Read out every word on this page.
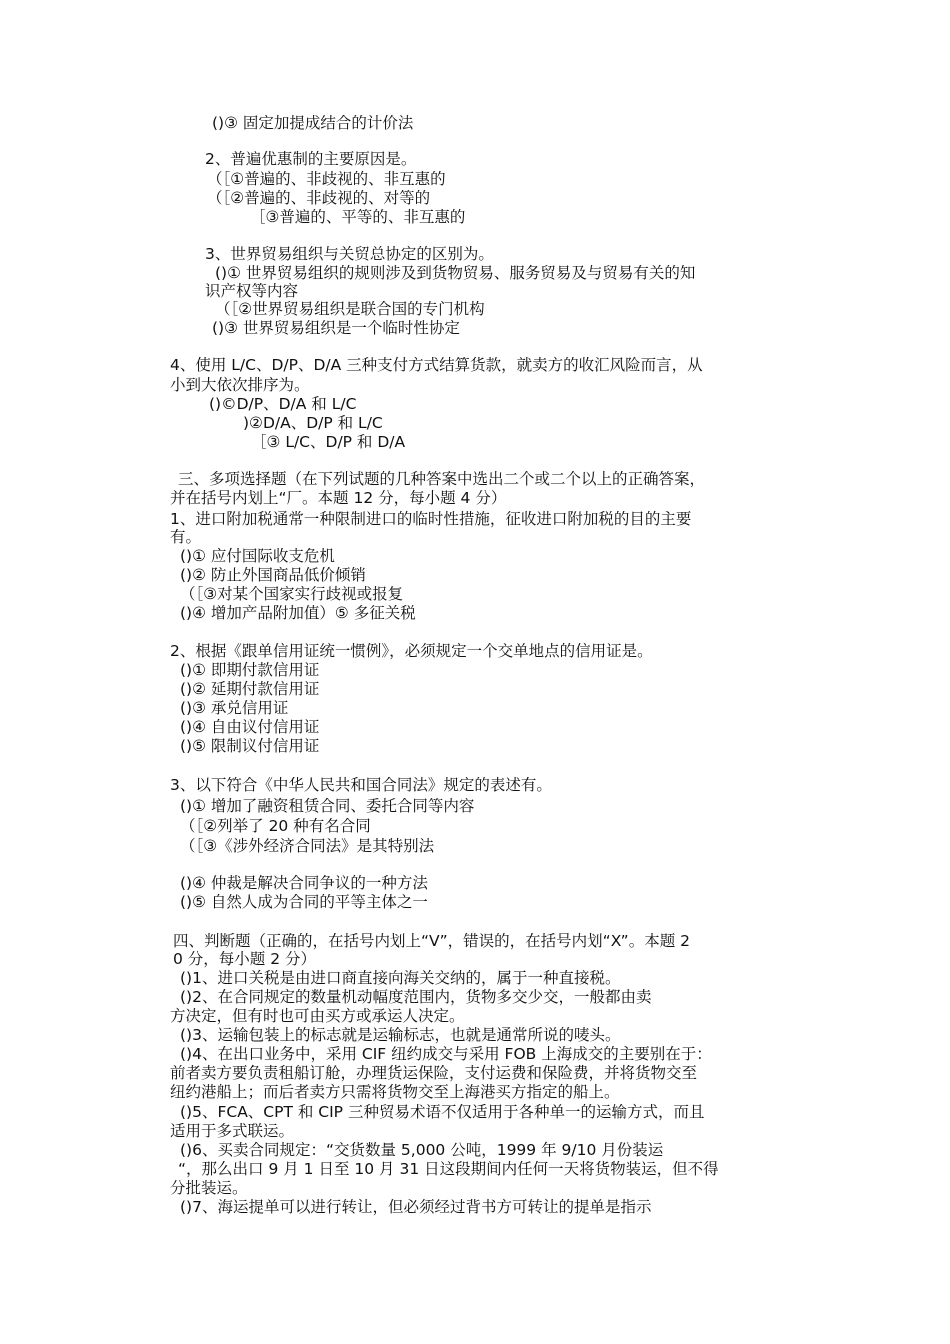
()③ 固定加提成结合的计价法

2、普遍优惠制的主要原因是。

（［①普遍的、非歧视的、非互惠的

（［②普遍的、非歧视的、对等的

［③普遍的、平等的、非互惠的

3、世界贸易组织与关贸总协定的区别为。

()① 世界贸易组织的规则涉及到货物贸易、服务贸易及与贸易有关的知

识产权等内容

（［②世界贸易组织是联合国的专门机构

()③ 世界贸易组织是一个临时性协定

4、使用 L/C、D/P、D/A 三种支付方式结算货款，就卖方的收汇风险而言，从

小到大依次排序为。

()©D/P、D/A 和 L/C

)②D/A、D/P 和 L/C

［③ L/C、D/P 和 D/A

三、多项选择题（在下列试题的几种答案中选出二个或二个以上的正确答案，

并在括号内划上“厂。本题 12 分，每小题 4 分）

1、进口附加税通常一种限制进口的临时性措施，征收进口附加税的目的主要

有。

()① 应付国际收支危机

()② 防止外国商品低价倾销

（［③对某个国家实行歧视或报复

()④ 增加产品附加值）⑤ 多征关税

2、根据《跟单信用证统一惯例》，必须规定一个交单地点的信用证是。

()① 即期付款信用证

()② 延期付款信用证

()③ 承兑信用证

()④ 自由议付信用证

()⑤ 限制议付信用证

3、以下符合《中华人民共和国合同法》规定的表述有。

()① 增加了融资租赁合同、委托合同等内容

（［②列举了 20 种有名合同

（［③《涉外经济合同法》是其特别法

()④ 仲裁是解决合同争议的一种方法

()⑤ 自然人成为合同的平等主体之一

四、判断题（正确的，在括号内划上“V”，错误的，在括号内划“X”。本题 2

0 分，每小题 2 分）

()1、进口关税是由进口商直接向海关交纳的，属于一种直接税。

()2、在合同规定的数量机动幅度范围内，货物多交少交，一般都由卖

方决定，但有时也可由买方或承运人决定。

()3、运输包装上的标志就是运输标志，也就是通常所说的唛头。

()4、在出口业务中，采用 CIF 纽约成交与采用 FOB 上海成交的主要别在于：

前者卖方要负责租船订舱，办理货运保险，支付运费和保险费，并将货物交至

纽约港船上；而后者卖方只需将货物交至上海港买方指定的船上。

()5、FCA、CPT 和 CIP 三种贸易术语不仅适用于各种单一的运输方式，而且

适用于多式联运。

()6、买卖合同规定：“交货数量 5,000 公吨，1999 年 9/10 月份装运

“，那么出口 9 月 1 日至 10 月 31 日这段期间内任何一天将货物装运，但不得

分批装运。

()7、海运提单可以进行转让，但必须经过背书方可转让的提单是指示
